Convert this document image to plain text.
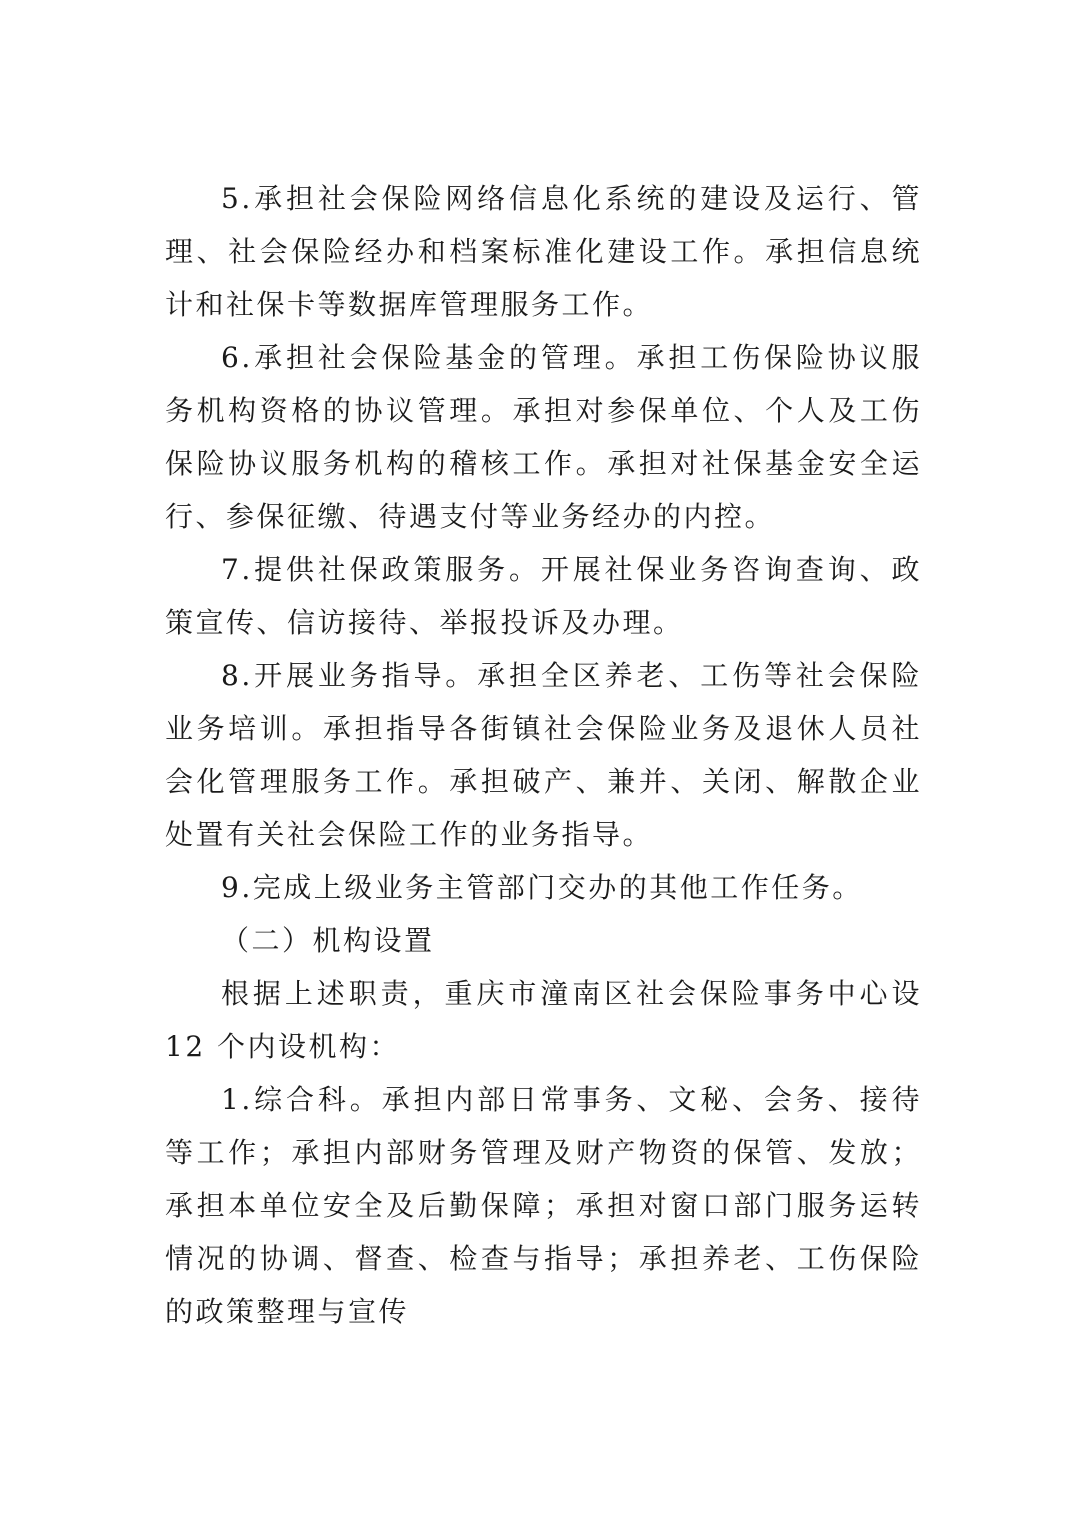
5.承担社会保险网络信息化系统的建设及运行、管理、社会保险经办和档案标准化建设工作。承担信息统计和社保卡等数据库管理服务工作。

6.承担社会保险基金的管理。承担工伤保险协议服务机构资格的协议管理。承担对参保单位、个人及工伤保险协议服务机构的稽核工作。承担对社保基金安全运行、参保征缴、待遇支付等业务经办的内控。

7.提供社保政策服务。开展社保业务咨询查询、政策宣传、信访接待、举报投诉及办理。

8.开展业务指导。承担全区养老、工伤等社会保险业务培训。承担指导各街镇社会保险业务及退休人员社会化管理服务工作。承担破产、兼并、关闭、解散企业处置有关社会保险工作的业务指导。

9.完成上级业务主管部门交办的其他工作任务。

（二）机构设置

根据上述职责，重庆市潼南区社会保险事务中心设 12 个内设机构：

1.综合科。承担内部日常事务、文秘、会务、接待等工作；承担内部财务管理及财产物资的保管、发放；承担本单位安全及后勤保障；承担对窗口部门服务运转情况的协调、督查、检查与指导；承担养老、工伤保险的政策整理与宣传
